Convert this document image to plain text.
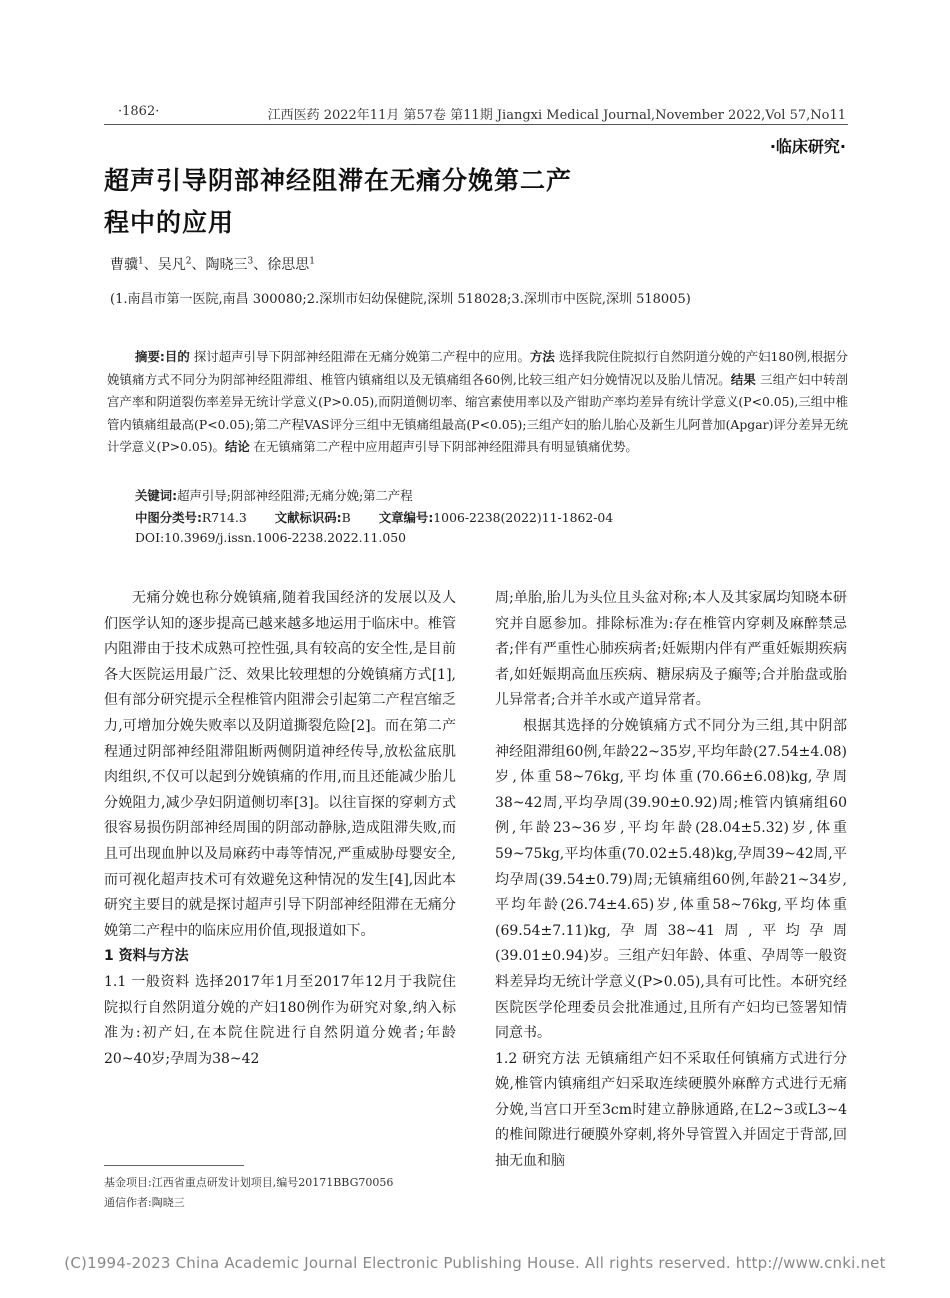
·1862·	江西医药 2022年11月 第57卷 第11期 Jiangxi Medical Journal,November 2022,Vol 57,No11
·临床研究·
超声引导阴部神经阻滞在无痛分娩第二产
程中的应用
曹骥$^1$、吴凡$^2$、陶晓三$^3$、徐思思$^1$
(1.南昌市第一医院,南昌 300080;2.深圳市妇幼保健院,深圳 518028;3.深圳市中医院,深圳 518005)

摘要:目的 探讨超声引导下阴部神经阻滞在无痛分娩第二产程中的应用。方法 选择我院住院拟行自然阴道分娩的产妇180例,根据分娩镇痛方式不同分为阴部神经阻滞组、椎管内镇痛组以及无镇痛组各60例,比较三组产妇分娩情况以及胎儿情况。结果 三组产妇中转剖宫产率和阴道裂伤率差异无统计学意义(P>0.05),而阴道侧切率、缩宫素使用率以及产钳助产率均差异有统计学意义(P<0.05),三组中椎管内镇痛组最高(P<0.05);第二产程VAS评分三组中无镇痛组最高(P<0.05);三组产妇的胎儿胎心及新生儿阿普加(Apgar)评分差异无统计学意义(P>0.05)。结论 在无镇痛第二产程中应用超声引导下阴部神经阻滞具有明显镇痛优势。

关键词:超声引导;阴部神经阻滞;无痛分娩;第二产程
中图分类号:R714.3 文献标识码:B 文章编号:1006-2238(2022)11-1862-04
DOI:10.3969/j.issn.1006-2238.2022.11.050

无痛分娩也称分娩镇痛,随着我国经济的发展以及人们医学认知的逐步提高已越来越多地运用于临床中。椎管内阻滞由于技术成熟可控性强,具有较高的安全性,是目前各大医院运用最广泛、效果比较理想的分娩镇痛方式[1],但有部分研究提示全程椎管内阻滞会引起第二产程宫缩乏力,可增加分娩失败率以及阴道撕裂危险[2]。而在第二产程通过阴部神经阻滞阻断两侧阴道神经传导,放松盆底肌肉组织,不仅可以起到分娩镇痛的作用,而且还能减少胎儿分娩阻力,减少孕妇阴道侧切率[3]。以往盲探的穿刺方式很容易损伤阴部神经周围的阴部动静脉,造成阻滞失败,而且可出现血肿以及局麻药中毒等情况,严重威胁母婴安全,而可视化超声技术可有效避免这种情况的发生[4],因此本研究主要目的就是探讨超声引导下阴部神经阻滞在无痛分娩第二产程中的临床应用价值,现报道如下。

1 资料与方法

1.1 一般资料 选择2017年1月至2017年12月于我院住院拟行自然阴道分娩的产妇180例作为研究对象,纳入标准为:初产妇,在本院住院进行自然阴道分娩者;年龄20~40岁;孕周为38~42

周;单胎,胎儿为头位且头盆对称;本人及其家属均知晓本研究并自愿参加。排除标准为:存在椎管内穿刺及麻醉禁忌者;伴有严重性心肺疾病者;妊娠期内伴有严重妊娠期疾病者,如妊娠期高血压疾病、糖尿病及子癫等;合并胎盘或胎儿异常者;合并羊水或产道异常者。

根据其选择的分娩镇痛方式不同分为三组,其中阴部神经阻滞组60例,年龄22~35岁,平均年龄(27.54±4.08)岁,体重58~76kg,平均体重(70.66±6.08)kg,孕周38~42周,平均孕周(39.90±0.92)周;椎管内镇痛组60例,年龄23~36岁,平均年龄(28.04±5.32)岁,体重59~75kg,平均体重(70.02±5.48)kg,孕周39~42周,平均孕周(39.54±0.79)周;无镇痛组60例,年龄21~34岁,平均年龄(26.74±4.65)岁,体重58~76kg,平均体重(69.54±7.11)kg,孕周38~41周,平均孕周(39.01±0.94)岁。三组产妇年龄、体重、孕周等一般资料差异均无统计学意义(P>0.05),具有可比性。本研究经医院医学伦理委员会批准通过,且所有产妇均已签署知情同意书。

1.2 研究方法 无镇痛组产妇不采取任何镇痛方式进行分娩,椎管内镇痛组产妇采取连续硬膜外麻醉方式进行无痛分娩,当宫口开至3cm时建立静脉通路,在L2~3或L3~4的椎间隙进行硬膜外穿刺,将外导管置入并固定于背部,回抽无血和脑

基金项目:江西省重点研发计划项目,编号20171BBG70056
通信作者:陶晓三
(C)1994-2023 China Academic Journal Electronic Publishing House. All rights reserved. http://www.cnki.net
